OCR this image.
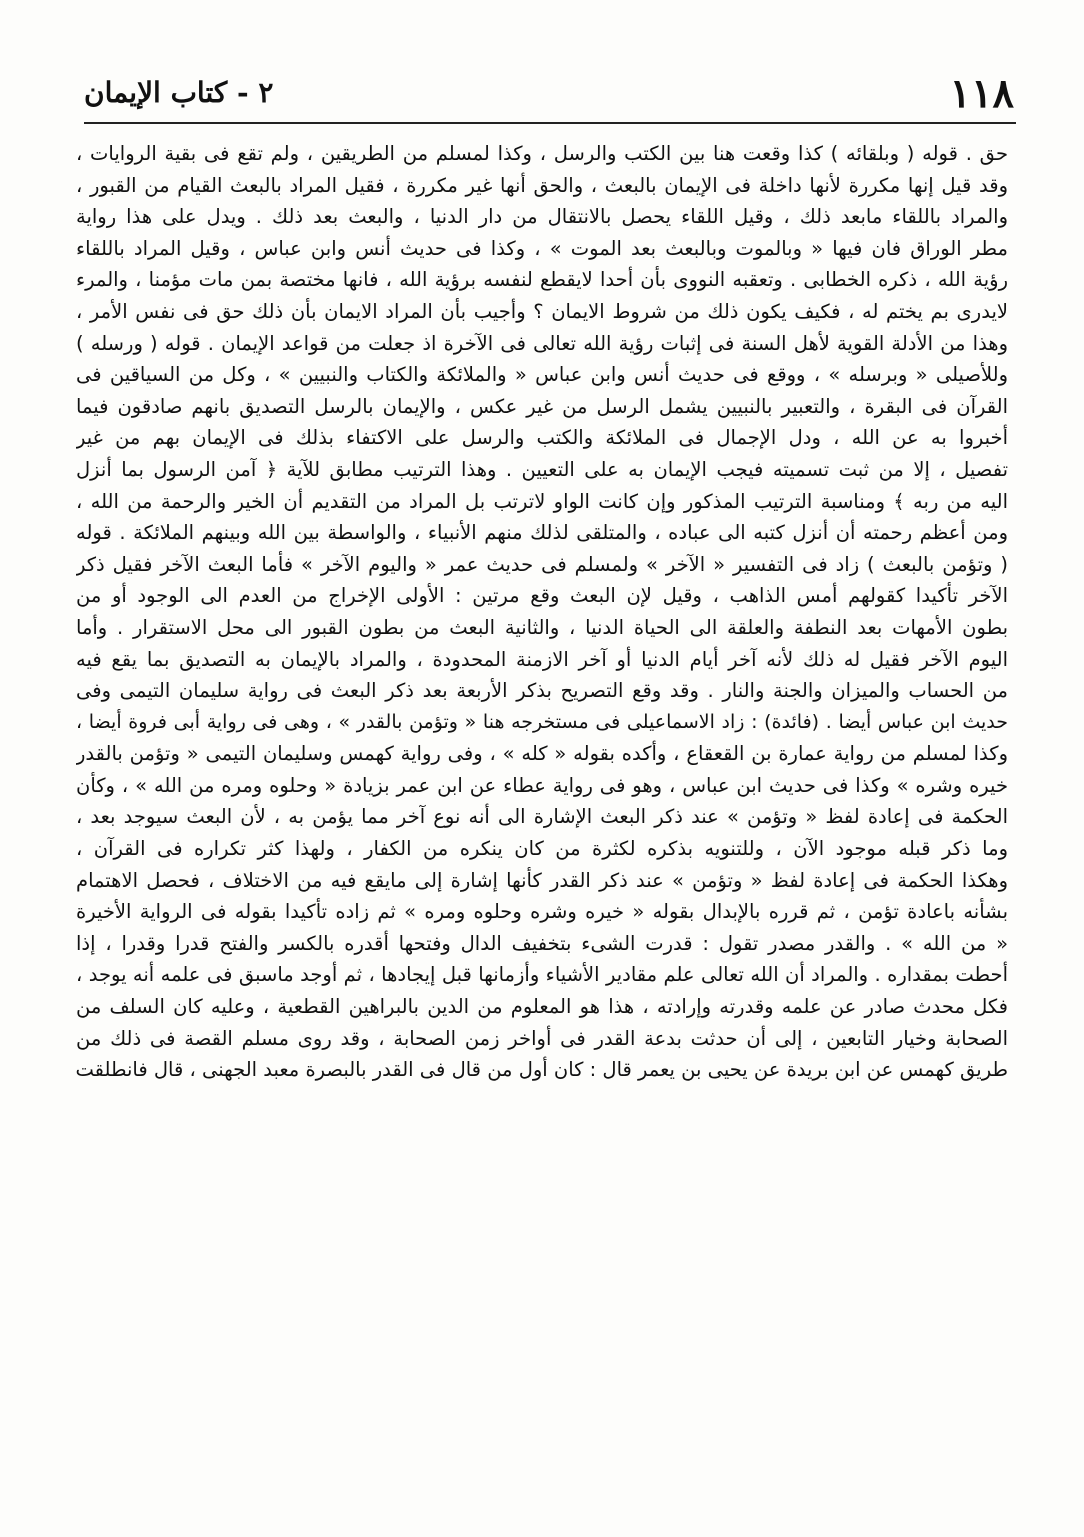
١١٨
٢ - كتاب الإيمان
حق . قوله ( وبلقائه ) كذا وقعت هنا بين الكتب والرسل ، وكذا لمسلم من الطريقين ، ولم تقع فى بقية الروايات ،
وقد قيل إنها مكررة لأنها داخلة فى الإيمان بالبعث ، والحق أنها غير مكررة ، فقيل المراد بالبعث القيام من القبور ،
والمراد باللقاء مابعد ذلك ، وقيل اللقاء يحصل بالانتقال من دار الدنيا ، والبعث بعد ذلك . ويدل على هذا رواية
مطر الوراق فان فيها « وبالموت وبالبعث بعد الموت » ، وكذا فى حديث أنس وابن عباس ، وقيل المراد باللقاء
رؤية الله ، ذكره الخطابى . وتعقبه النووى بأن أحدا لايقطع لنفسه برؤية الله ، فانها مختصة بمن مات مؤمنا ، والمرء
لايدرى بم يختم له ، فكيف يكون ذلك من شروط الايمان ؟ وأجيب بأن المراد الايمان بأن ذلك حق فى نفس الأمر ،
وهذا من الأدلة القوية لأهل السنة فى إثبات رؤية الله تعالى فى الآخرة اذ جعلت من قواعد الإيمان . قوله ( ورسله )
وللأصيلى « وبرسله » ، ووقع فى حديث أنس وابن عباس « والملائكة والكتاب والنبيين » ، وكل من السياقين فى
القرآن فى البقرة ، والتعبير بالنبيين يشمل الرسل من غير عكس ، والإيمان بالرسل التصديق بانهم صادقون فيما
أخبروا به عن الله ، ودل الإجمال فى الملائكة والكتب والرسل على الاكتفاء بذلك فى الإيمان بهم من غير
تفصيل ، إلا من ثبت تسميته فيجب الإيمان به على التعيين . وهذا الترتيب مطابق للآية ﴿ آمن الرسول بما أنزل
اليه من ربه ﴾ ومناسبة الترتيب المذكور وإن كانت الواو لاترتب بل المراد من التقديم أن الخير والرحمة من الله ،
ومن أعظم رحمته أن أنزل كتبه الى عباده ، والمتلقى لذلك منهم الأنبياء ، والواسطة بين الله وبينهم الملائكة . قوله
( وتؤمن بالبعث ) زاد فى التفسير « الآخر » ولمسلم فى حديث عمر « واليوم الآخر » فأما البعث الآخر فقيل ذكر
الآخر تأكيدا كقولهم أمس الذاهب ، وقيل لإن البعث وقع مرتين : الأولى الإخراج من العدم الى الوجود أو من
بطون الأمهات بعد النطفة والعلقة الى الحياة الدنيا ، والثانية البعث من بطون القبور الى محل الاستقرار . وأما
اليوم الآخر فقيل له ذلك لأنه آخر أيام الدنيا أو آخر الازمنة المحدودة ، والمراد بالإيمان به التصديق بما يقع فيه
من الحساب والميزان والجنة والنار . وقد وقع التصريح بذكر الأربعة بعد ذكر البعث فى رواية سليمان التيمى وفى
حديث ابن عباس أيضا . (فائدة) : زاد الاسماعيلى فى مستخرجه هنا « وتؤمن بالقدر » ، وهى فى رواية أبى فروة أيضا ،
وكذا لمسلم من رواية عمارة بن القعقاع ، وأكده بقوله « كله » ، وفى رواية كهمس وسليمان التيمى « وتؤمن بالقدر
خيره وشره » وكذا فى حديث ابن عباس ، وهو فى رواية عطاء عن ابن عمر بزيادة « وحلوه ومره من الله » ، وكأن
الحكمة فى إعادة لفظ « وتؤمن » عند ذكر البعث الإشارة الى أنه نوع آخر مما يؤمن به ، لأن البعث سيوجد بعد ،
وما ذكر قبله موجود الآن ، وللتنويه بذكره لكثرة من كان ينكره من الكفار ، ولهذا كثر تكراره فى القرآن ،
وهكذا الحكمة فى إعادة لفظ « وتؤمن » عند ذكر القدر كأنها إشارة إلى مايقع فيه من الاختلاف ، فحصل الاهتمام
بشأنه باعادة تؤمن ، ثم قرره بالإبدال بقوله « خيره وشره وحلوه ومره » ثم زاده تأكيدا بقوله فى الرواية الأخيرة
« من الله » . والقدر مصدر تقول : قدرت الشىء بتخفيف الدال وفتحها أقدره بالكسر والفتح قدرا وقدرا ، إذا
أحطت بمقداره . والمراد أن الله تعالى علم مقادير الأشياء وأزمانها قبل إيجادها ، ثم أوجد ماسبق فى علمه أنه يوجد ،
فكل محدث صادر عن علمه وقدرته وإرادته ، هذا هو المعلوم من الدين بالبراهين القطعية ، وعليه كان السلف من
الصحابة وخيار التابعين ، إلى أن حدثت بدعة القدر فى أواخر زمن الصحابة ، وقد روى مسلم القصة فى ذلك من
طريق كهمس عن ابن بريدة عن يحيى بن يعمر قال : كان أول من قال فى القدر بالبصرة معبد الجهنى ، قال فانطلقت
